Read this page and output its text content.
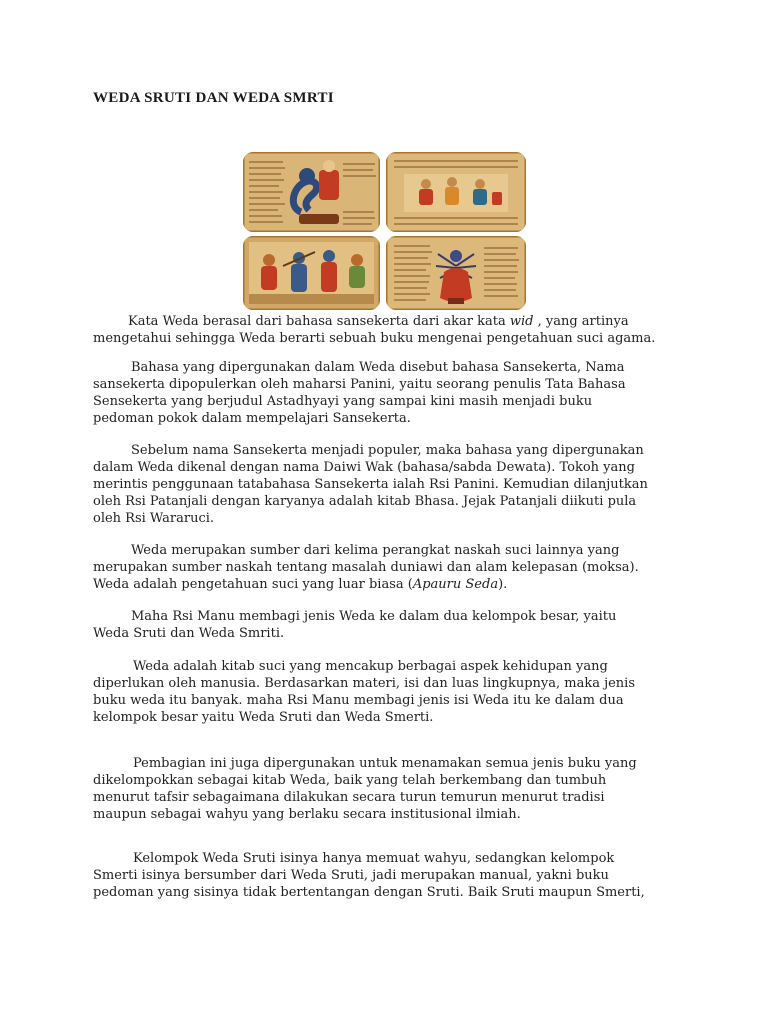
WEDA SRUTI DAN WEDA SMRTI
Kata Weda berasal dari bahasa sansekerta dari akar kata wid , yang artinya
mengetahui sehingga Weda berarti sebuah buku mengenai pengetahuan suci agama.
Bahasa yang dipergunakan dalam Weda disebut bahasa Sansekerta, Nama
sansekerta dipopulerkan oleh maharsi Panini, yaitu seorang penulis Tata Bahasa
Sensekerta yang berjudul Astadhyayi yang sampai kini masih menjadi buku
pedoman pokok dalam mempelajari Sansekerta.
Sebelum nama Sansekerta menjadi populer, maka bahasa yang dipergunakan
dalam Weda dikenal dengan nama Daiwi Wak (bahasa/sabda Dewata). Tokoh yang
merintis penggunaan tatabahasa Sansekerta ialah Rsi Panini. Kemudian dilanjutkan
oleh Rsi Patanjali dengan karyanya adalah kitab Bhasa. Jejak Patanjali diikuti pula
oleh Rsi Wararuci.
Weda merupakan sumber dari kelima perangkat naskah suci lainnya yang
merupakan sumber naskah tentang masalah duniawi dan alam kelepasan (moksa).
Weda adalah pengetahuan suci yang luar biasa (Apauru Seda).
Maha Rsi Manu membagi jenis Weda ke dalam dua kelompok besar, yaitu
Weda Sruti dan Weda Smriti.
Weda adalah kitab suci yang mencakup berbagai aspek kehidupan yang
diperlukan oleh manusia. Berdasarkan materi, isi dan luas lingkupnya, maka jenis
buku weda itu banyak. maha Rsi Manu membagi jenis isi Weda itu ke dalam dua
kelompok besar yaitu Weda Sruti dan Weda Smerti.
Pembagian ini juga dipergunakan untuk menamakan semua jenis buku yang
dikelompokkan sebagai kitab Weda, baik yang telah berkembang dan tumbuh
menurut tafsir sebagaimana dilakukan secara turun temurun menurut tradisi
maupun sebagai wahyu yang berlaku secara institusional ilmiah.
Kelompok Weda Sruti isinya hanya memuat wahyu, sedangkan kelompok
Smerti isinya bersumber dari Weda Sruti, jadi merupakan manual, yakni buku
pedoman yang sisinya tidak bertentangan dengan Sruti. Baik Sruti maupun Smerti,
